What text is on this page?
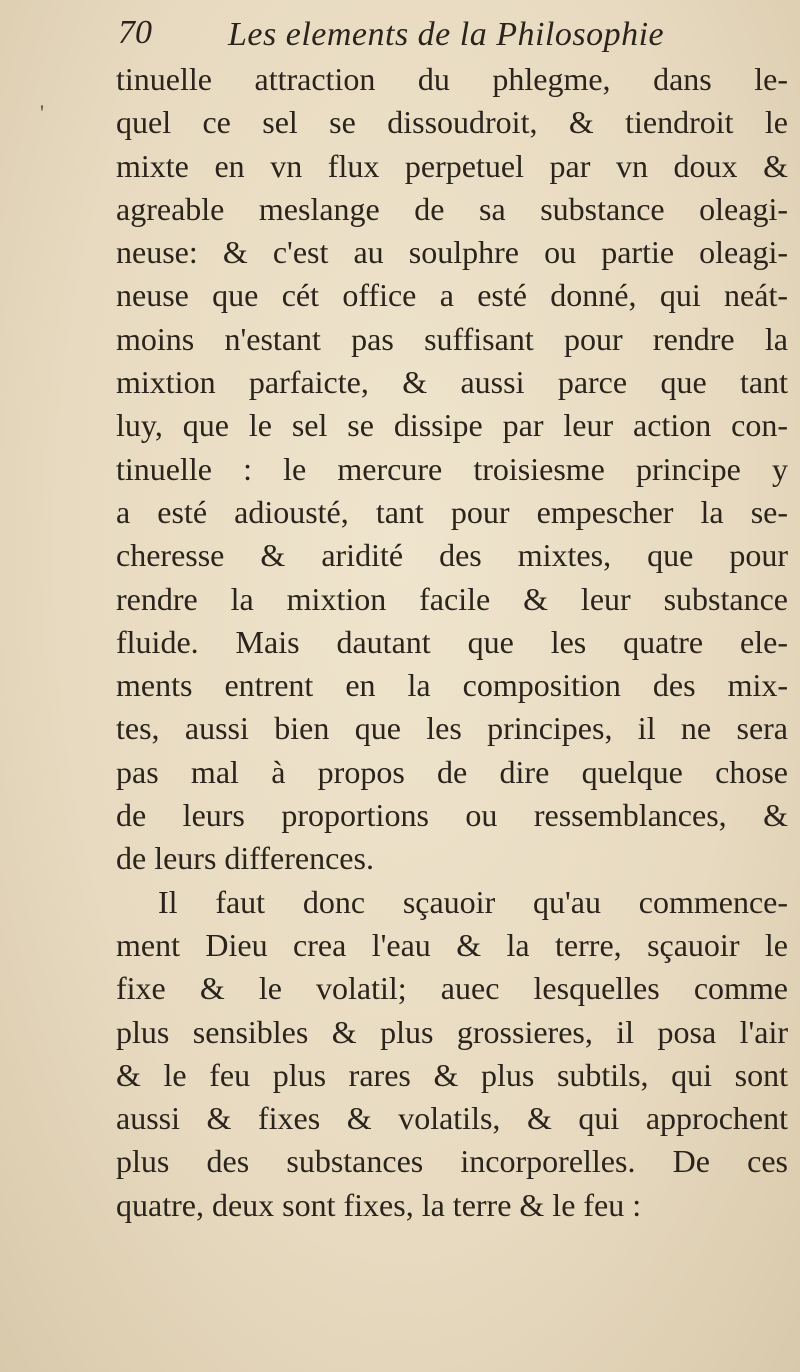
'
70 Les elements de la Philosophie
tinuelle attraction du phlegme, dans le-
quel ce sel se dissoudroit, & tiendroit le
mixte en vn flux perpetuel par vn doux &
agreable meslange de sa substance oleagi-
neuse: & c'est au soulphre ou partie oleagi-
neuse que cét office a esté donné, qui neát-
moins n'estant pas suffisant pour rendre la
mixtion parfaicte, & aussi parce que tant
luy, que le sel se dissipe par leur action con-
tinuelle : le mercure troisiesme principe y
a esté adiousté, tant pour empescher la se-
cheresse & aridité des mixtes, que pour
rendre la mixtion facile & leur substance
fluide. Mais dautant que les quatre ele-
ments entrent en la composition des mix-
tes, aussi bien que les principes, il ne sera
pas mal à propos de dire quelque chose
de leurs proportions ou ressemblances, &
de leurs differences.
Il faut donc sçauoir qu'au commence-
ment Dieu crea l'eau & la terre, sçauoir le
fixe & le volatil; auec lesquelles comme
plus sensibles & plus grossieres, il posa l'air
& le feu plus rares & plus subtils, qui sont
aussi & fixes & volatils, & qui approchent
plus des substances incorporelles. De ces
quatre, deux sont fixes, la terre & le feu :
